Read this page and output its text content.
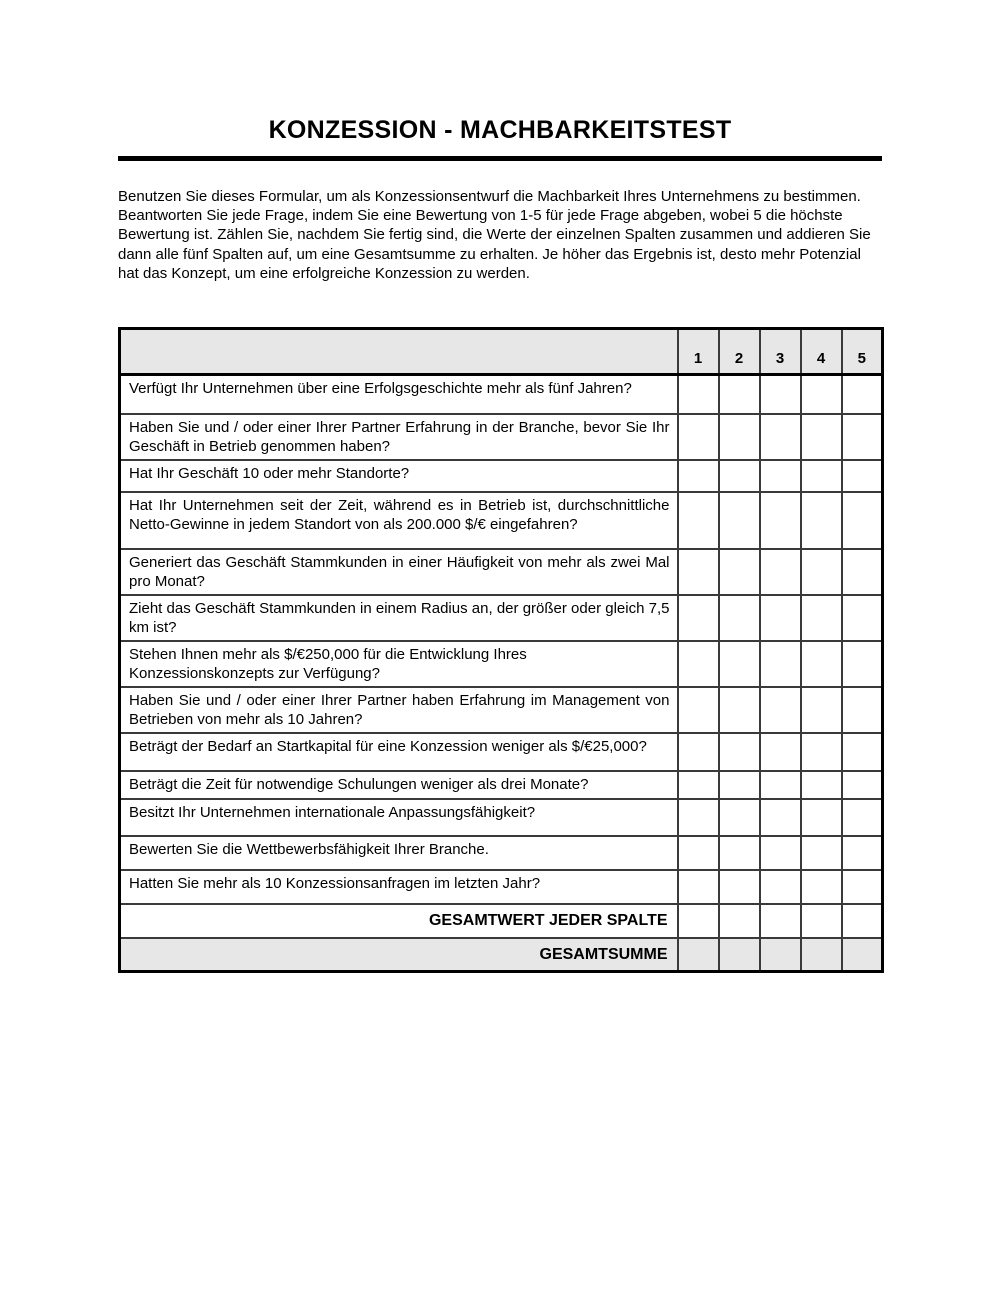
KONZESSION - MACHBARKEITSTEST

Benutzen Sie dieses Formular, um als Konzessionsentwurf die Machbarkeit Ihres Unternehmens zu bestimmen. Beantworten Sie jede Frage, indem Sie eine Bewertung von 1-5 für jede Frage abgeben, wobei 5 die höchste Bewertung ist. Zählen Sie, nachdem Sie fertig sind, die Werte der einzelnen Spalten zusammen und addieren Sie dann alle fünf Spalten auf, um eine Gesamtsumme zu erhalten. Je höher das Ergebnis ist, desto mehr Potenzial hat das Konzept, um eine erfolgreiche Konzession zu werden.

	1	2	3	4	5
Verfügt Ihr Unternehmen über eine Erfolgsgeschichte mehr als fünf Jahren?					
Haben Sie und / oder einer Ihrer Partner Erfahrung in der Branche, bevor Sie Ihr Geschäft in Betrieb genommen haben?					
Hat Ihr Geschäft 10 oder mehr Standorte?					
Hat Ihr Unternehmen seit der Zeit, während es in Betrieb ist, durchschnittliche Netto-Gewinne in jedem Standort von als 200.000 $/€ eingefahren?					
Generiert das Geschäft Stammkunden in einer Häufigkeit von mehr als zwei Mal pro Monat?					
Zieht das Geschäft Stammkunden in einem Radius an, der größer oder gleich 7,5 km ist?					
Stehen Ihnen mehr als $/€250,000 für die Entwicklung Ihres Konzessionskonzepts zur Verfügung?					
Haben Sie und / oder einer Ihrer Partner haben Erfahrung im Management von Betrieben von mehr als 10 Jahren?					
Beträgt der Bedarf an Startkapital für eine Konzession weniger als $/€25,000?					
Beträgt die Zeit für notwendige Schulungen weniger als drei Monate?					
Besitzt Ihr Unternehmen internationale Anpassungsfähigkeit?					
Bewerten Sie die Wettbewerbsfähigkeit Ihrer Branche.					
Hatten Sie mehr als 10 Konzessionsanfragen im letzten Jahr?					
GESAMTWERT JEDER SPALTE					
GESAMTSUMME					
